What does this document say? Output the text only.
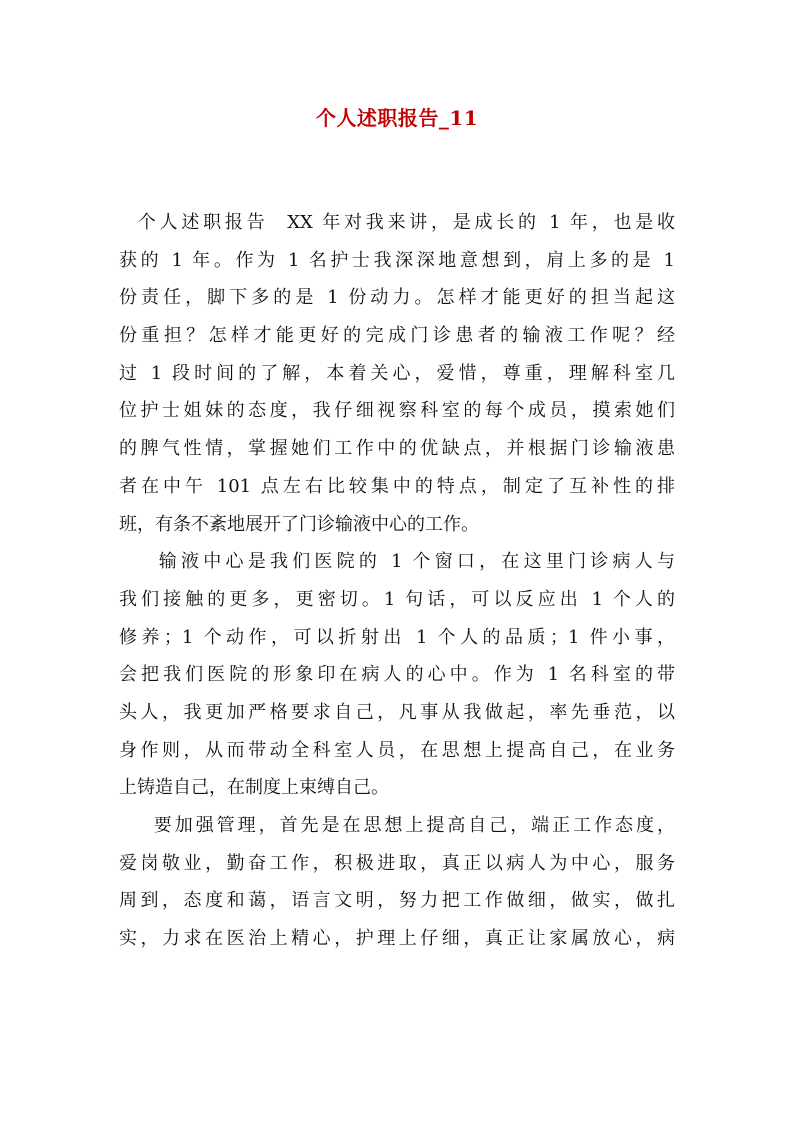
个人述职报告_11
个人述职报告  XX 年对我来讲，是成长的 1 年，也是收
获的 1 年。作为 1 名护士我深深地意想到，肩上多的是 1
份责任，脚下多的是 1 份动力。怎样才能更好的担当起这
份重担？怎样才能更好的完成门诊患者的输液工作呢？经
过 1 段时间的了解，本着关心，爱惜，尊重，理解科室几
位护士姐妹的态度，我仔细视察科室的每个成员，摸索她们
的脾气性情，掌握她们工作中的优缺点，并根据门诊输液患
者在中午 101 点左右比较集中的特点，制定了互补性的排
班，有条不紊地展开了门诊输液中心的工作。
输液中心是我们医院的 1 个窗口，在这里门诊病人与
我们接触的更多，更密切。1 句话，可以反应出 1 个人的
修养；1 个动作，可以折射出 1 个人的品质；1 件小事，
会把我们医院的形象印在病人的心中。作为 1 名科室的带
头人，我更加严格要求自己，凡事从我做起，率先垂范，以
身作则，从而带动全科室人员，在思想上提高自己，在业务
上铸造自己，在制度上束缚自己。
要加强管理，首先是在思想上提高自己，端正工作态度，
爱岗敬业，勤奋工作，积极进取，真正以病人为中心，服务
周到，态度和蔼，语言文明，努力把工作做细，做实，做扎
实，力求在医治上精心，护理上仔细，真正让家属放心，病
